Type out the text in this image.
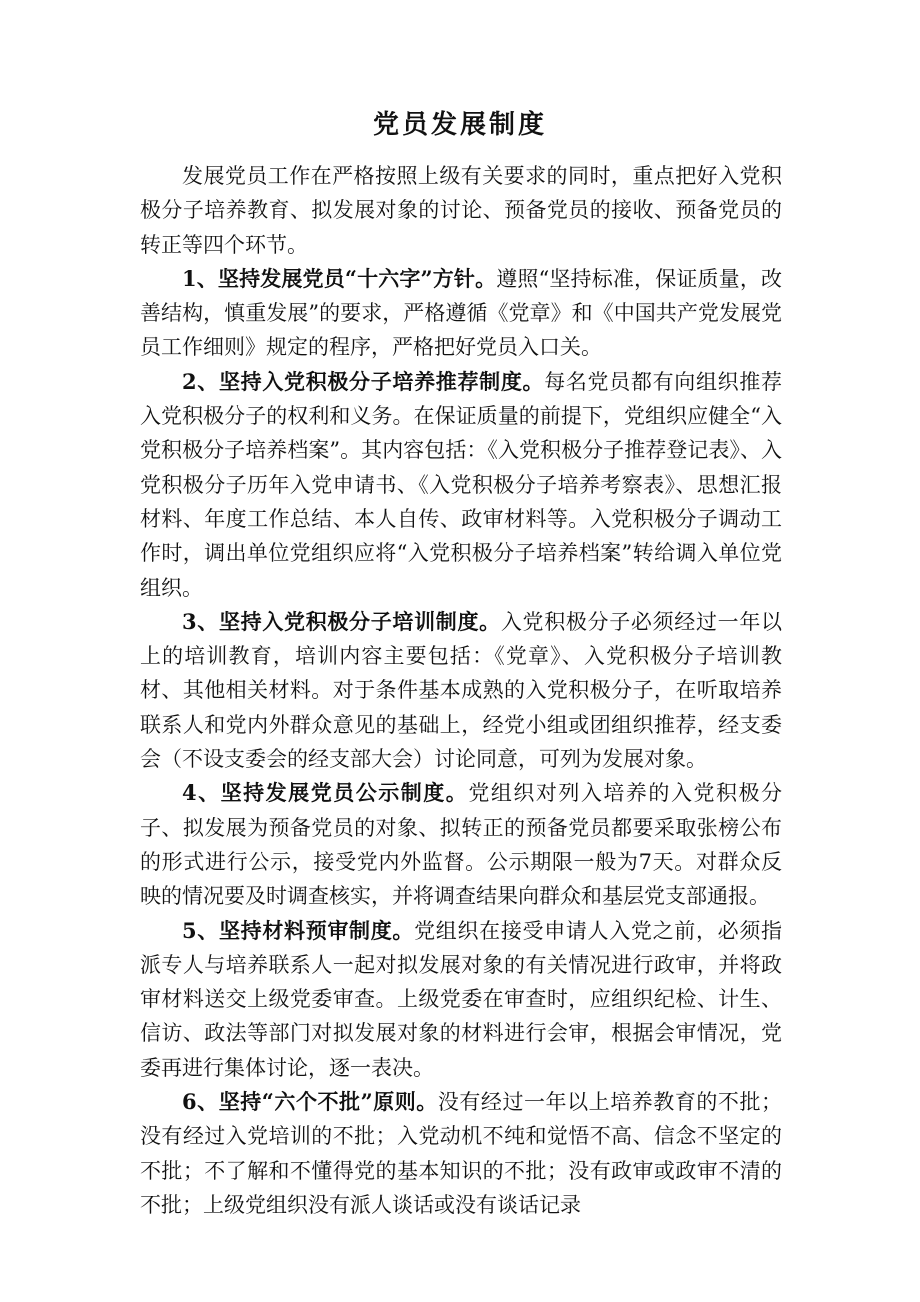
党员发展制度

发展党员工作在严格按照上级有关要求的同时，重点把好入党积极分子培养教育、拟发展对象的讨论、预备党员的接收、预备党员的转正等四个环节。

1、坚持发展党员“十六字”方针。遵照“坚持标准，保证质量，改善结构，慎重发展”的要求，严格遵循《党章》和《中国共产党发展党员工作细则》规定的程序，严格把好党员入口关。

2、坚持入党积极分子培养推荐制度。每名党员都有向组织推荐入党积极分子的权利和义务。在保证质量的前提下，党组织应健全“入党积极分子培养档案”。其内容包括：《入党积极分子推荐登记表》、入党积极分子历年入党申请书、《入党积极分子培养考察表》、思想汇报材料、年度工作总结、本人自传、政审材料等。入党积极分子调动工作时，调出单位党组织应将“入党积极分子培养档案”转给调入单位党组织。

3、坚持入党积极分子培训制度。入党积极分子必须经过一年以上的培训教育，培训内容主要包括：《党章》、入党积极分子培训教材、其他相关材料。对于条件基本成熟的入党积极分子，在听取培养联系人和党内外群众意见的基础上，经党小组或团组织推荐，经支委会（不设支委会的经支部大会）讨论同意，可列为发展对象。

4、坚持发展党员公示制度。党组织对列入培养的入党积极分子、拟发展为预备党员的对象、拟转正的预备党员都要采取张榜公布的形式进行公示，接受党内外监督。公示期限一般为7天。对群众反映的情况要及时调查核实，并将调查结果向群众和基层党支部通报。

5、坚持材料预审制度。党组织在接受申请人入党之前，必须指派专人与培养联系人一起对拟发展对象的有关情况进行政审，并将政审材料送交上级党委审查。上级党委在审查时，应组织纪检、计生、信访、政法等部门对拟发展对象的材料进行会审，根据会审情况，党委再进行集体讨论，逐一表决。

6、坚持“六个不批”原则。没有经过一年以上培养教育的不批；没有经过入党培训的不批；入党动机不纯和觉悟不高、信念不坚定的不批；不了解和不懂得党的基本知识的不批；没有政审或政审不清的不批；上级党组织没有派人谈话或没有谈话记录
